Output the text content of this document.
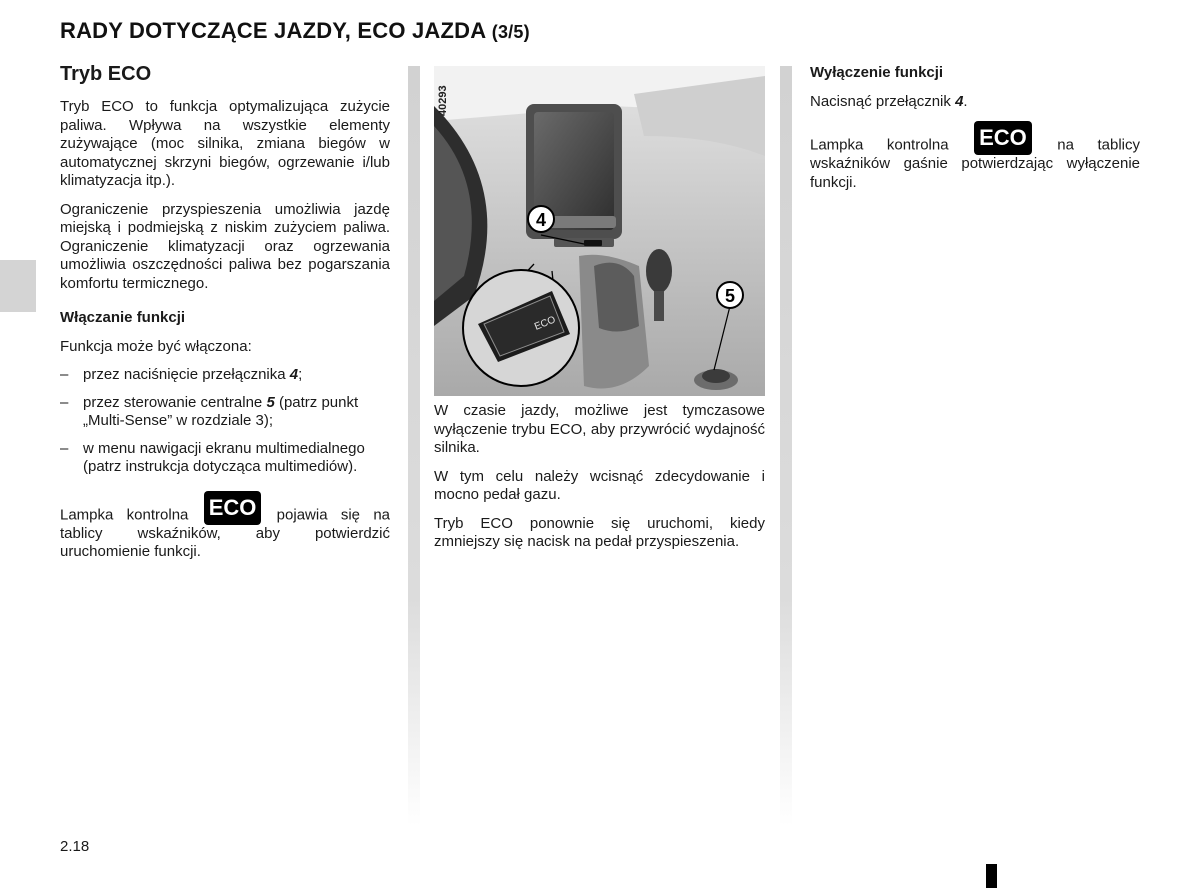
RADY DOTYCZĄCE JAZDY, ECO JAZDA (3/5)
Tryb ECO

Tryb ECO to funkcja optymalizująca zużycie paliwa. Wpływa na wszystkie elementy zużywające (moc silnika, zmiana biegów w automatycznej skrzyni biegów, ogrzewanie i/lub klimatyzacja itp.).

Ograniczenie przyspieszenia umożliwia jazdę miejską i podmiejską z niskim zużyciem paliwa. Ograniczenie klimatyzacji oraz ogrzewania umożliwia oszczędności paliwa bez pogarszania komfortu termicznego.

Włączanie funkcji

Funkcja może być włączona:

– przez naciśnięcie przełącznika 4;
– przez sterowanie centralne 5 (patrz punkt „Multi-Sense” w rozdziale 3);
– w menu nawigacji ekranu multimedialnego (patrz instrukcja dotycząca multimediów).

Lampka kontrolna ECO pojawia się na tablicy wskaźników, aby potwierdzić uruchomienie funkcji.

ECO
4
5
40293

W czasie jazdy, możliwe jest tymczasowe wyłączenie trybu ECO, aby przywrócić wydajność silnika.

W tym celu należy wcisnąć zdecydowanie i mocno pedał gazu.

Tryb ECO ponownie się uruchomi, kiedy zmniejszy się nacisk na pedał przyspieszenia.

Wyłączenie funkcji

Nacisnąć przełącznik 4.

Lampka kontrolna ECO na tablicy wskaźników gaśnie potwierdzając wyłączenie funkcji.

2.18
